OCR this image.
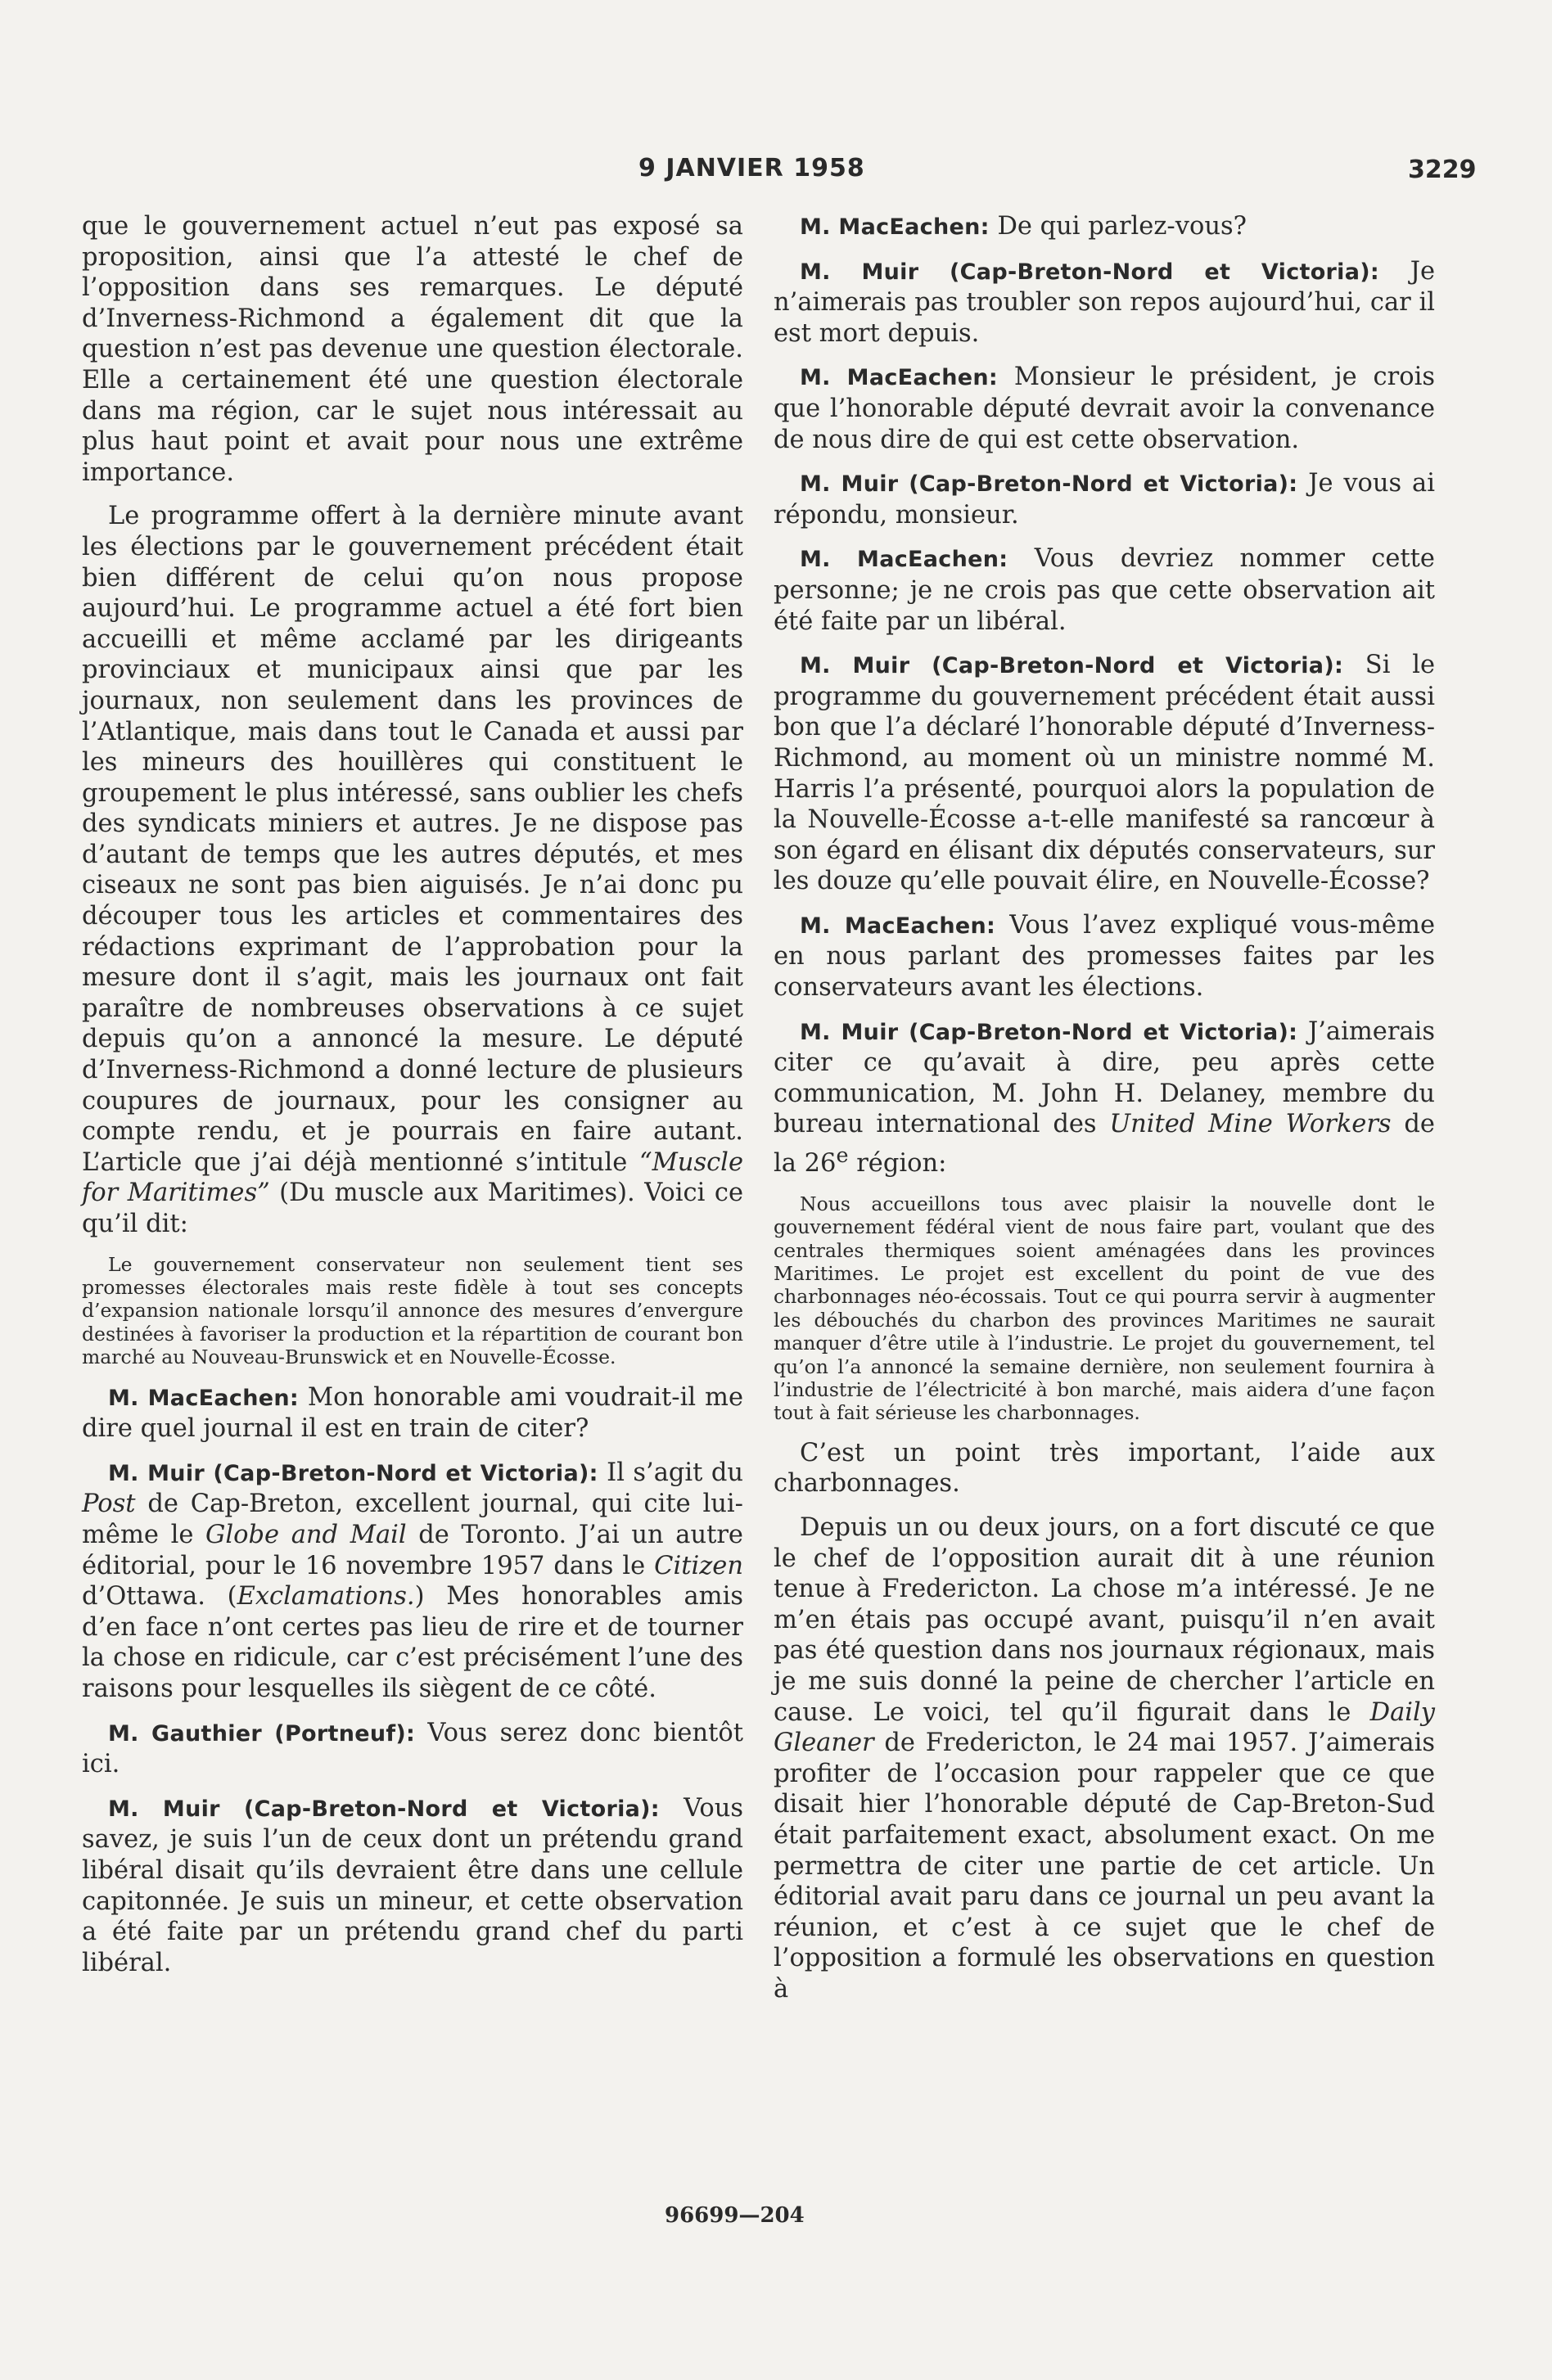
9 JANVIER 1958	3229

que le gouvernement actuel n’eut pas exposé sa proposition, ainsi que l’a attesté le chef de l’opposition dans ses remarques. Le député d’Inverness-Richmond a également dit que la question n’est pas devenue une question électorale. Elle a certainement été une question électorale dans ma région, car le sujet nous intéressait au plus haut point et avait pour nous une extrême importance.

Le programme offert à la dernière minute avant les élections par le gouvernement précédent était bien différent de celui qu’on nous propose aujourd’hui. Le programme actuel a été fort bien accueilli et même acclamé par les dirigeants provinciaux et municipaux ainsi que par les journaux, non seulement dans les provinces de l’Atlantique, mais dans tout le Canada et aussi par les mineurs des houillères qui constituent le groupement le plus intéressé, sans oublier les chefs des syndicats miniers et autres. Je ne dispose pas d’autant de temps que les autres députés, et mes ciseaux ne sont pas bien aiguisés. Je n’ai donc pu découper tous les articles et commentaires des rédactions exprimant de l’approbation pour la mesure dont il s’agit, mais les journaux ont fait paraître de nombreuses observations à ce sujet depuis qu’on a annoncé la mesure. Le député d’Inverness-Richmond a donné lecture de plusieurs coupures de journaux, pour les consigner au compte rendu, et je pourrais en faire autant. L’article que j’ai déjà mentionné s’intitule “Muscle for Maritimes” (Du muscle aux Maritimes). Voici ce qu’il dit:

Le gouvernement conservateur non seulement tient ses promesses électorales mais reste fidèle à tout ses concepts d’expansion nationale lorsqu’il annonce des mesures d’envergure destinées à favoriser la production et la répartition de courant bon marché au Nouveau-Brunswick et en Nouvelle-Écosse.

M. MacEachen: Mon honorable ami voudrait-il me dire quel journal il est en train de citer?

M. Muir (Cap-Breton-Nord et Victoria): Il s’agit du Post de Cap-Breton, excellent journal, qui cite lui-même le Globe and Mail de Toronto. J’ai un autre éditorial, pour le 16 novembre 1957 dans le Citizen d’Ottawa. (Exclamations.) Mes honorables amis d’en face n’ont certes pas lieu de rire et de tourner la chose en ridicule, car c’est précisément l’une des raisons pour lesquelles ils siègent de ce côté.

M. Gauthier (Portneuf): Vous serez donc bientôt ici.

M. Muir (Cap-Breton-Nord et Victoria): Vous savez, je suis l’un de ceux dont un prétendu grand libéral disait qu’ils devraient être dans une cellule capitonnée. Je suis un mineur, et cette observation a été faite par un prétendu grand chef du parti libéral.

M. MacEachen: De qui parlez-vous?

M. Muir (Cap-Breton-Nord et Victoria): Je n’aimerais pas troubler son repos aujourd’hui, car il est mort depuis.

M. MacEachen: Monsieur le président, je crois que l’honorable député devrait avoir la convenance de nous dire de qui est cette observation.

M. Muir (Cap-Breton-Nord et Victoria): Je vous ai répondu, monsieur.

M. MacEachen: Vous devriez nommer cette personne; je ne crois pas que cette observation ait été faite par un libéral.

M. Muir (Cap-Breton-Nord et Victoria): Si le programme du gouvernement précédent était aussi bon que l’a déclaré l’honorable député d’Inverness-Richmond, au moment où un ministre nommé M. Harris l’a présenté, pourquoi alors la population de la Nouvelle-Écosse a-t-elle manifesté sa rancœur à son égard en élisant dix députés conservateurs, sur les douze qu’elle pouvait élire, en Nouvelle-Écosse?

M. MacEachen: Vous l’avez expliqué vous-même en nous parlant des promesses faites par les conservateurs avant les élections.

M. Muir (Cap-Breton-Nord et Victoria): J’aimerais citer ce qu’avait à dire, peu après cette communication, M. John H. Delaney, membre du bureau international des United Mine Workers de la 26e région:

Nous accueillons tous avec plaisir la nouvelle dont le gouvernement fédéral vient de nous faire part, voulant que des centrales thermiques soient aménagées dans les provinces Maritimes. Le projet est excellent du point de vue des charbonnages néo-écossais. Tout ce qui pourra servir à augmenter les débouchés du charbon des provinces Maritimes ne saurait manquer d’être utile à l’industrie. Le projet du gouvernement, tel qu’on l’a annoncé la semaine dernière, non seulement fournira à l’industrie de l’électricité à bon marché, mais aidera d’une façon tout à fait sérieuse les charbonnages.

C’est un point très important, l’aide aux charbonnages.

Depuis un ou deux jours, on a fort discuté ce que le chef de l’opposition aurait dit à une réunion tenue à Fredericton. La chose m’a intéressé. Je ne m’en étais pas occupé avant, puisqu’il n’en avait pas été question dans nos journaux régionaux, mais je me suis donné la peine de chercher l’article en cause. Le voici, tel qu’il figurait dans le Daily Gleaner de Fredericton, le 24 mai 1957. J’aimerais profiter de l’occasion pour rappeler que ce que disait hier l’honorable député de Cap-Breton-Sud était parfaitement exact, absolument exact. On me permettra de citer une partie de cet article. Un éditorial avait paru dans ce journal un peu avant la réunion, et c’est à ce sujet que le chef de l’opposition a formulé les observations en question à

96699—204
